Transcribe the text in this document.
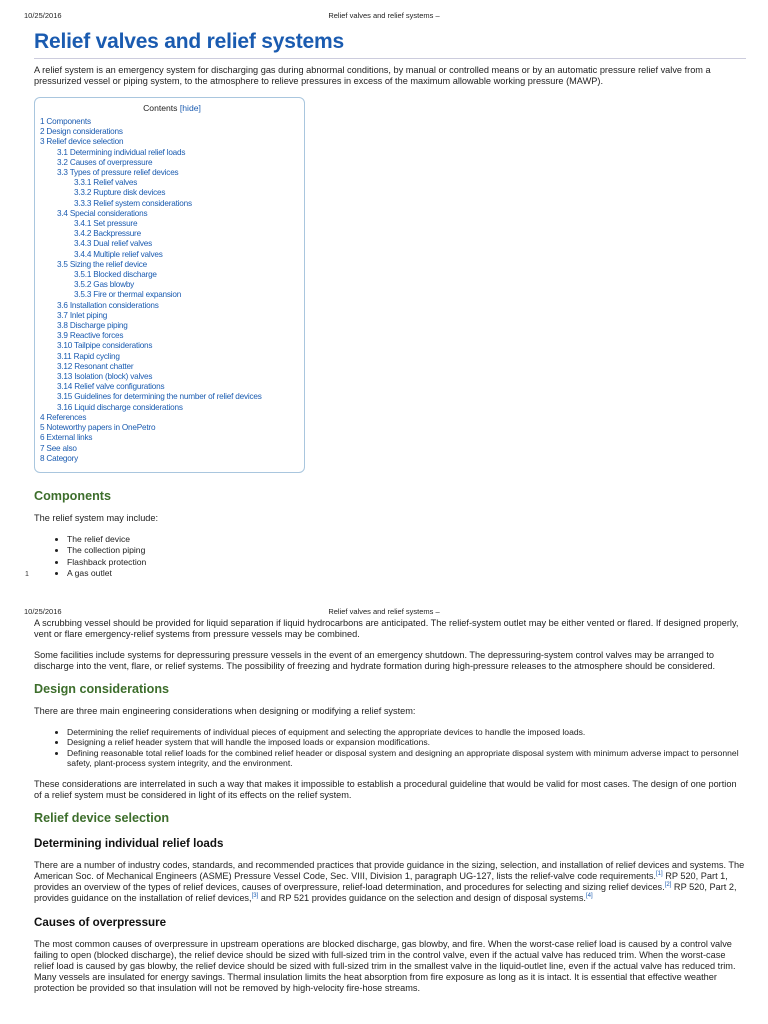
10/25/2016	Relief valves and relief systems –
Relief valves and relief systems

A relief system is an emergency system for discharging gas during abnormal conditions, by manual or controlled means or by an automatic pressure relief valve from a pressurized vessel or piping system, to the atmosphere to relieve pressures in excess of the maximum allowable working pressure (MAWP).

Contents [hide]
1 Components
2 Design considerations
3 Relief device selection
3.1 Determining individual relief loads
3.2 Causes of overpressure
3.3 Types of pressure relief devices
3.3.1 Relief valves
3.3.2 Rupture disk devices
3.3.3 Relief system considerations
3.4 Special considerations
3.4.1 Set pressure
3.4.2 Backpressure
3.4.3 Dual relief valves
3.4.4 Multiple relief valves
3.5 Sizing the relief device
3.5.1 Blocked discharge
3.5.2 Gas blowby
3.5.3 Fire or thermal expansion
3.6 Installation considerations
3.7 Inlet piping
3.8 Discharge piping
3.9 Reactive forces
3.10 Tailpipe considerations
3.11 Rapid cycling
3.12 Resonant chatter
3.13 Isolation (block) valves
3.14 Relief valve configurations
3.15 Guidelines for determining the number of relief devices
3.16 Liquid discharge considerations
4 References
5 Noteworthy papers in OnePetro
6 External links
7 See also
8 Category
Components

The relief system may include:

• The relief device
• The collection piping
• Flashback protection
• A gas outlet
1
10/25/2016	Relief valves and relief systems –

A scrubbing vessel should be provided for liquid separation if liquid hydrocarbons are anticipated. The relief-system outlet may be either vented or flared. If designed properly, vent or flare emergency-relief systems from pressure vessels may be combined.

Some facilities include systems for depressuring pressure vessels in the event of an emergency shutdown. The depressuring-system control valves may be arranged to discharge into the vent, flare, or relief systems. The possibility of freezing and hydrate formation during high-pressure releases to the atmosphere should be considered.

Design considerations

There are three main engineering considerations when designing or modifying a relief system:

• Determining the relief requirements of individual pieces of equipment and selecting the appropriate devices to handle the imposed loads.
• Designing a relief header system that will handle the imposed loads or expansion modifications.
• Defining reasonable total relief loads for the combined relief header or disposal system and designing an appropriate disposal system with minimum adverse impact to personnel safety, plant-process system integrity, and the environment.

These considerations are interrelated in such a way that makes it impossible to establish a procedural guideline that would be valid for most cases. The design of one portion of a relief system must be considered in light of its effects on the relief system.

Relief device selection
Determining individual relief loads

There are a number of industry codes, standards, and recommended practices that provide guidance in the sizing, selection, and installation of relief devices and systems. The American Soc. of Mechanical Engineers (ASME) Pressure Vessel Code, Sec. VIII, Division 1, paragraph UG-127, lists the relief-valve code requirements.[1] RP 520, Part 1, provides an overview of the types of relief devices, causes of overpressure, relief-load determination, and procedures for selecting and sizing relief devices.[2] RP 520, Part 2, provides guidance on the installation of relief devices,[3] and RP 521 provides guidance on the selection and design of disposal systems.[4]

Causes of overpressure

The most common causes of overpressure in upstream operations are blocked discharge, gas blowby, and fire. When the worst-case relief load is caused by a control valve failing to open (blocked discharge), the relief device should be sized with full-sized trim in the control valve, even if the actual valve has reduced trim. When the worst-case relief load is caused by gas blowby, the relief device should be sized with full-sized trim in the smallest valve in the liquid-outlet line, even if the actual valve has reduced trim. Many vessels are insulated for energy savings. Thermal insulation limits the heat absorption from fire exposure as long as it is intact. It is essential that effective weather protection be provided so that insulation will not be removed by high-velocity fire-hose streams.
